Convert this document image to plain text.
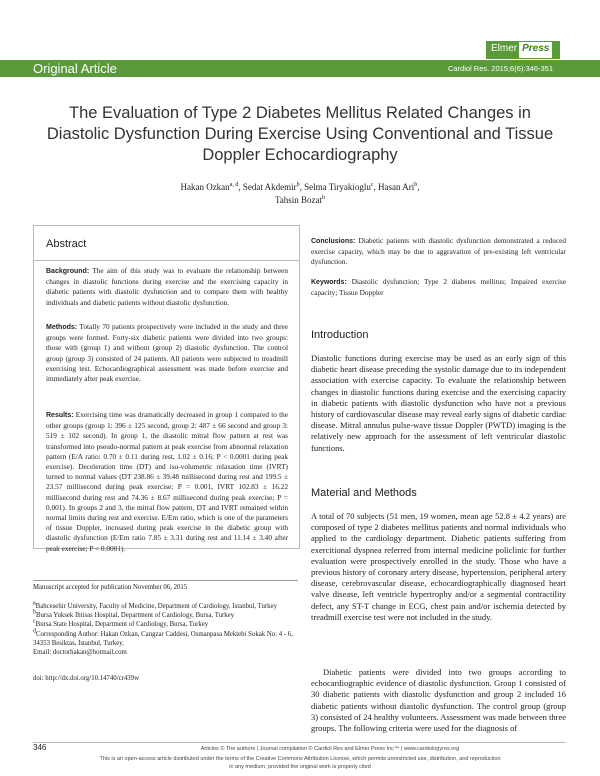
Elmer Press
Original Article	Cardiol Res. 2015;6(6):346-351
The Evaluation of Type 2 Diabetes Mellitus Related Changes in Diastolic Dysfunction During Exercise Using Conventional and Tissue Doppler Echocardiography
Hakan Ozkan$^{a, d}$, Sedat Akdemir$^b$, Selma Tiryakioglu$^c$, Hasan Ari$^b$,
Tahsin Bozat$^b$
Abstract
Background: The aim of this study was to evaluate the relationship between changes in diastolic functions during exercise and the exercising capacity in diabetic patients with diastolic dysfunction and to compare them with healthy individuals and diabetic patients without diastolic dysfunction.
Methods: Totally 70 patients prospectively were included in the study and three groups were formed. Forty-six diabetic patients were divided into two groups: those with (group 1) and without (group 2) diastolic dysfunction. The control group (group 3) consisted of 24 patients. All patients were subjected to treadmill exercising test. Echocardiographical assessment was made before exercise and immediately after peak exercise.
Results: Exercising time was dramatically decreased in group 1 compared to the other groups (group 1: 396 ± 125 second, group 2: 487 ± 66 second and group 3: 519 ± 102 second). In group 1, the diastolic mitral flow pattern at rest was transformed into pseudo-normal pattern at peak exercise from abnormal relaxation pattern (E/A ratio: 0.70 ± 0.11 during rest, 1.02 ± 0.16; P < 0.0001 during peak exercise). Deceleration time (DT) and iso-volumetric relaxation time (IVRT) turned to normal values (DT 238.86 ± 39.48 millisecond during rest and 199.5 ± 23.57 millisecond during peak exercise; P = 0.001, IVRT 102.83 ± 16.22 millisecond during rest and 74.36 ± 8.67 millisecond during peak exercise; P = 0.001). In groups 2 and 3, the mitral flow pattern, DT and IVRT remained within normal limits during rest and exercise. E/Em ratio, which is one of the parameters of tissue Doppler, increased during peak exercise in the diabetic group with diastolic dysfunction (E/Em ratio 7.85 ± 3.31 during rest and 11.14 ± 3.40 after peak exercise; P < 0.0001).
Conclusions: Diabetic patients with diastolic dysfunction demonstrated a reduced exercise capacity, which may be due to aggravation of pre-existing left ventricular dysfunction.
Keywords: Diastolic dysfunction; Type 2 diabetes mellitus; Impaired exercise capacity; Tissue Doppler
Manuscript accepted for publication November 06, 2015
$^a$Bahcesehir University, Faculty of Medicine, Department of Cardiology, Istanbul, Turkey
$^b$Bursa Yuksek Ihtisas Hospital, Department of Cardiology, Bursa, Turkey
$^c$Bursa State Hospital, Department of Cardiology, Bursa, Turkey
$^d$Corresponding Author: Hakan Ozkan, Cangzar Caddesi, Osmanpasa Mektebi Sokak No: 4 - 6, 34353 Besiktas, Istanbul, Turkey.
Email: doctorhakan@hotmail.com
doi: http://dx.doi.org/10.14740/cr439w
Introduction
Diastolic functions during exercise may be used as an early sign of this diabetic heart disease preceding the systolic damage due to its independent association with exercise capacity. To evaluate the relationship between changes in diastolic functions during exercise and the exercising capacity in diabetic patients with diastolic dysfunction who have not a previous history of cardiovascular disease may reveal early signs of diabetic cardiac disease. Mitral annulus pulse-wave tissue Doppler (PWTD) imaging is the relatively new approach for the assessment of left ventricular diastolic functions.
Material and Methods
A total of 70 subjects (51 men, 19 women, mean age 52.8 ± 4.2 years) are composed of type 2 diabetes mellitus patients and normal individuals who applied to the cardiology department. Diabetic patients suffering from exercitional dyspnea referred from internal medicine policlinic for further evaluation were prospectively enrolled in the study. Those who have a previous history of coronary artery disease, hypertension, peripheral artery disease, cerebrovascular disease, echocardiographically diagnosed heart valve disease, left ventricle hypertrophy and/or a segmental contractility defect, any ST-T change in ECG, chest pain and/or ischemia detected by treadmill exercise test were not included in the study.
Diabetic patients were divided into two groups according to echocardiographic evidence of diastolic dysfunction. Group 1 consisted of 30 diabetic patients with diastolic dysfunction and group 2 included 16 diabetic patients without diastolic dysfunction. The control group (group 3) consisted of 24 healthy volunteers. Assessment was made between three groups. The following criteria were used for the diagnosis of
346	Articles © The authors | Journal compilation © Cardiol Res and Elmer Press Inc™ | www.cardiologyres.org
This is an open-access article distributed under the terms of the Creative Commons Attribution License, which permits unrestricted use, distribution, and reproduction
in any medium, provided the original work is properly cited
